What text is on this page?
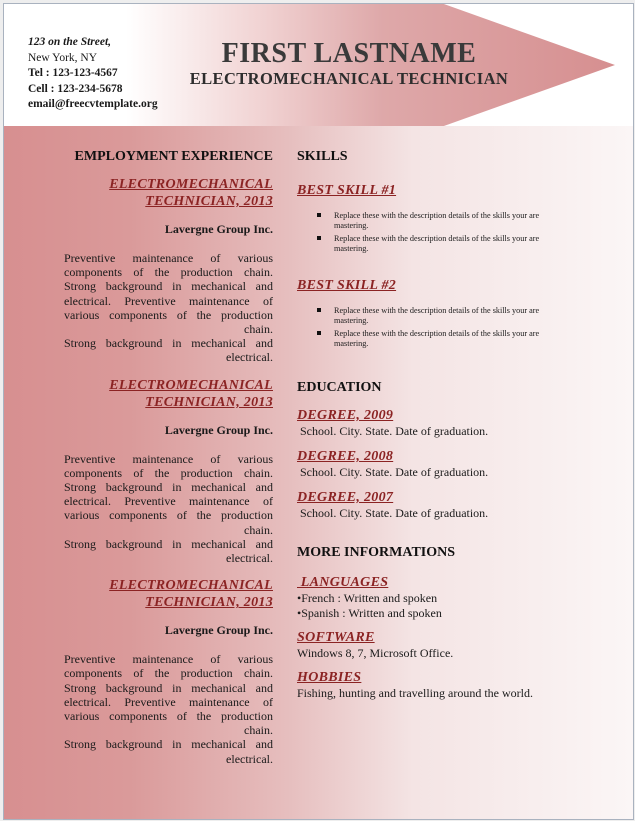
123 on the Street,
New York, NY
Tel : 123-123-4567
Cell : 123-234-5678
email@freecvtemplate.org
FIRST LASTNAME
ELECTROMECHANICAL TECHNICIAN
EMPLOYMENT EXPERIENCE
ELECTROMECHANICAL
TECHNICIAN, 2013
Lavergne Group Inc.

Preventive maintenance of various components of the production chain. Strong background in mechanical and electrical. Preventive maintenance of various components of the production chain.

Strong background in mechanical and electrical.

ELECTROMECHANICAL
TECHNICIAN, 2013
Lavergne Group Inc.

Preventive maintenance of various components of the production chain. Strong background in mechanical and electrical. Preventive maintenance of various components of the production chain.

Strong background in mechanical and electrical.

ELECTROMECHANICAL
TECHNICIAN, 2013
Lavergne Group Inc.

Preventive maintenance of various components of the production chain. Strong background in mechanical and electrical. Preventive maintenance of various components of the production chain.

Strong background in mechanical and electrical.

SKILLS
BEST SKILL #1
Replace these with the description details of the skills your are mastering.
Replace these with the description details of the skills your are mastering.
BEST SKILL #2
Replace these with the description details of the skills your are mastering.
Replace these with the description details of the skills your are mastering.
EDUCATION
DEGREE, 2009
School. City. State. Date of graduation.
DEGREE, 2008
School. City. State. Date of graduation.
DEGREE, 2007
School. City. State. Date of graduation.
MORE INFORMATIONS
LANGUAGES
•French : Written and spoken
•Spanish : Written and spoken
SOFTWARE
Windows 8, 7, Microsoft Office.
HOBBIES
Fishing, hunting and travelling around the world.
